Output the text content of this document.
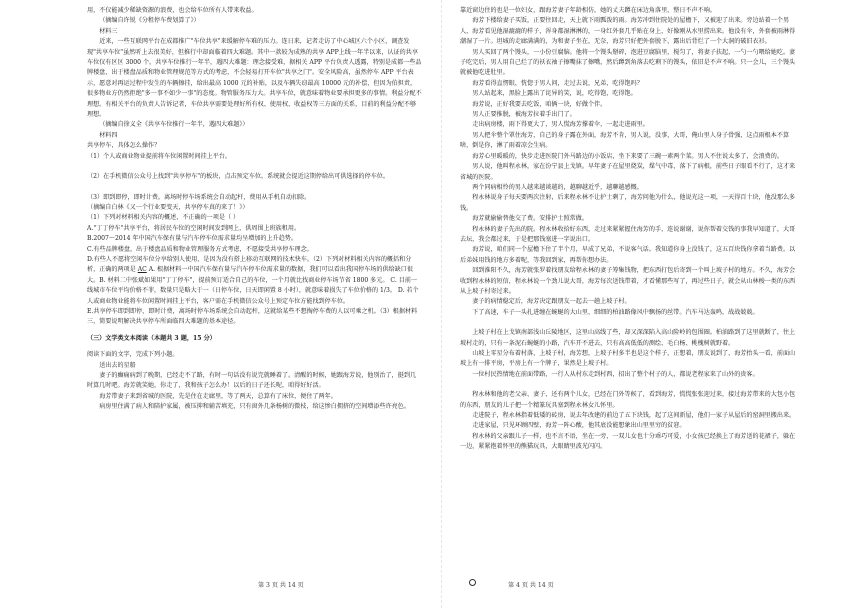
用，不仅能减少稀缺资源的浪费，也会给车位所有人带来收益。

（摘编自许锐《分租停车费划算了》）

材料三

近来，一些互联网平台在成都推广"车位共享"来缓解停车难的压力。连日来，记者走访了中心城区六个小区，调查发现"共享车位"虽然听上去很美好，但推行中却面临着四大难题。其中一款较为成熟的共享 APP上线一年半以来，认证的共享车位仅有区区 3000 个。共享车位推行一年半，遇四大难题：理念接受难，据相关 APP 平台负责人透露，特别是成都一些品牌楼盘，出于楼盘品质和物业管理规范等方式的考虑，不会轻易打开车位"共享之门"。安全风险高，虽然停车 APP 平台表示，愿意对再运过程中发生的车辆擦挂，给出最高 1000 元的补贴，以及车辆失窃最高 10000 元的补偿，但因为伯担责，很多物业方仍然拒绝"多一事不如少一事"的态度。物管服务压力大。共享车位，就意味着物业要承担更多的事情。利益分配不理想。有相关平台的负责人告诉记者，车位共享需要处理好所有权、使用权、收益权等三方面的关系，目前的利益分配不够理想。

（摘编自徐义全《共享车位推行一年半，遇四大难题》）

材料四

共享停车，具体怎么操作？

（1）个人或商业物业提前将车位闲置时间挂上平台。

（2）在手机微信公众号上找到"共享停车"的板块，点击预定车位。系统就会提近这期停给出可供选择的停车位。

（3）即到即停，即时计费。离场时停车场系统会自动起杆，费用从手机自动扣除。

（摘编自白林《又一个行业要变天，共享停车真的来了！》）

（1）下列对材料相关内容的概述，不正确的一项是（ ）

A."丁丁停车"共享平台，将居民车位的空闲时间发到网上，供周围上班族租用。

B.2007～2014 年中国汽车保有量与汽车停车位需求量均呈增加的上升趋势。

C.有些品牌楼盘，出于楼盘品质和物业管理服务方式考虑，不愿接受共享停车理念。

D.有些人不愿将空闲车位分享给别人使用，是因为没有搭上移动互联网的技术快车。（2）下列对材料相关内容的概括和分析，正确的两项是 AC A. 根据材料一中国汽车保有量与汽车停车位需求量的数据，我们可以看出我国停车场的供给缺口很大。B. 材料二中张斌如果用"丁丁停车"，提前预订适合自己的车位，一个月就比找商业停车场节省 1800 多元。 C. 目前一线城市车位平均价格不菲，数量只是略大于一（日停车位，日天即闲置 8 小时），就意味着损失了车位价格的 1/3。 D. 若个人或商业物业能将车位闲置时间挂上平台，客户需在手机微信公众号上预定车位方能找到停车位。

E.共享停车即到即停，即时计费，离场时停车场系统会自动起杆，这就给某些不想掏停车费的人以可乘之机。（3）根据材料三，简要说明解决共享停车所面临四大难题的基本途径。

（三）文学类文本阅读（本题共 3 题，15 分）

阅读下面的文字，完成下列小题。

送出去的星船

妻子的癫痫病到了晚期，已经走不了路，有时一句话没有说完就睡着了。清醒的时候，她跟海芳说，他别治了，挺到几时算几时吧。海芳就笑她，你走了，我和孩子怎么办！以后的日子还长呢，咱得好好活。

海芳带妻子来到省城的医院，先是住在走廊里，等了两天，总算有了床位，便住了两年。

病房里住满了病人和陪护家属，被压抑和辅苦填充，只有窗外几条杨树的微枝，给这惨白拥挤的空间增添些许亮色。

靠近窗边住的也是一位妇女，跟海芳妻子年龄相仿，她的丈夫蹲在床边角落里，整日不声不响。

海芳下楼给妻子买饭，正要往回走，天上就下雨瓢泼的雨。海芳冲到住院处的屋檐下，又被迎了出来。旁边站着一个男人，海芳看见他湿漉漉的样子，浑身都湿淋淋的，一身红外套几乎贴在身上，好像刚从水里捞出来。他没有伞，外套被雨淋得潮湿了一片。坦城的走廊满满的，为和妻子坐在，无奈，海芳只好把外套脱下，露出后背烂了一个大洞的破旧衣衫。

男人买回了两个馒头，一小份豆腐脑。他将一个馒头掰碎，泡进豆腐脑里，搅匀了，将妻子扶起，一勺一勺喂给她吃。妻子吃完后，男人用自己烂了的袄衣袖子擦嘴抹了擦嘴，然后蹲到角落去吃剩下的馒头，依旧是不声不响。只一会儿，三个馒头就被他吃进肚里。

海芳看得直愣眼，恍惚于男人问，走过去说，兄弟，吃得饱吗？

男人站起来，黑脸上露出了诧异的笑，说，吃得饱，吃得饱。

海芳说，正好我要去吃饭，咱俩一块，好做个伴。

男人正要推脱，被海芳拉着手出门了。

走出病房楼，雨下得更大了，男人慌海芳撑着伞，一起走进雨里。

男人把伞整个罩住海芳，自己的身子露在外面，海芳不肯，男人说，没事，大哥，俺山里人身子骨强，这点雨根本不算啥，倒是你，淋了雨着凉会生病。

海芳心里暖暖的，快步走进医院门外马路边的小饭店，坐下来要了三碗一素两个菜。男人不住说太多了，会浪费的。

男人说，他叫程永林，家在汾宁县上戈镇。早年妻子在屋里烧炭，煤气中毒，落下了病根，前些日子眼看不行了，这才来省城的医院。

两个同病相怜的男人越来越谈越的，越聊越近乎，越聊越感慨。

程永林说身子每天要两次注射，后来程永林不让护士剩了，海芳问他为什么，他说光这一项，一天得百十块，他没那么多钱。

海芳就偷偷替他交了费。安排护士照常做。

程永林的妻子先出的院。程永林收拾好东西，走过来紧紧握住海芳的手，连说谢谢，说你帮着交钱的事我早知道了，大哥去坛，我会都过来，于是把那钱塞进一字说出口。

海芳说，咱们同一个屋檐下住了半个月，早成了兄弟，不说客气话。我知道你身上没钱了，这五百块钱你拿着当路费。以后弟妹用钱的地方多着呢，等我回到家，再帮你想办法。

回到淮阳不久，海芳就张罗着找朋友给程永林的妻子筹集钱物，把东西打包后寄到一个叫上坡子村的地方。不久，海芳会收到程永林的短信，程永林说一个劲儿说大哥，海芳每次送钱带着，才看懂那些写了，再过些日子，就会从山林梭一类的东西从上坡子村寄过来。

妻子的病情稳定后，海芳决定跟朋友一起去一趟上坡子村。

下了高速，车子一头扎进缠在蜿蜒的大山里，细细的柏油路像风中飘扬的丝带。汽车马达轰鸣，战战兢兢。

上坡子村在上戈镇南部浅山丘陵地区，这里山高线了些，却又深深陷入高山险岭的包围圈。柏油路到了这里就断了，往上坡村走的，只有一条泥石蜿蜒的小路，汽车开不进去，只有高高低低的测绘、毛白杨、桃槐树就野着。

山坡上零星分布着村落，上坡子村，海芳想，上坡子村多半也是这个样子，正想着，朋友说到了，海芳抬头一看，前面山坡上有一排平房，平房上有一个牌子，果然是上坡子村。

一位村民热情地在前面带路，一行人从村东走到村西，招出了整个村子的人，都说老程家来了山外的贵客。

程永林和他的老父亲、妻子、还有两个儿女，已经在门外等候了，看到海芳，慌慌张张迎过来，接过海芳带来的大包小包的东西，朋友的儿子把一个精篆玩具塞到程永林女儿怀里。

走进院子，程永林指着低矮的砖房，说去年改建的前边了五下块钱，起了这间新屋，他们一家子从屋后的窑洞里搬出来。

走进家屋，只见环顾四壁，海芳一阵心酸，他其底没能想象出山里里穷的贫窘。

程永林的父亲跟儿子一样，也不言不语，坐在一旁，一双儿女也十分乖巧可爱，小女孩已经换上了海芳送的花裙子，躲在一边，紧紧抱着怀里的熊猫玩具，大眼睛里波光闪闪。

第 3 页 共 14 页	第 4 页 共 14 页
